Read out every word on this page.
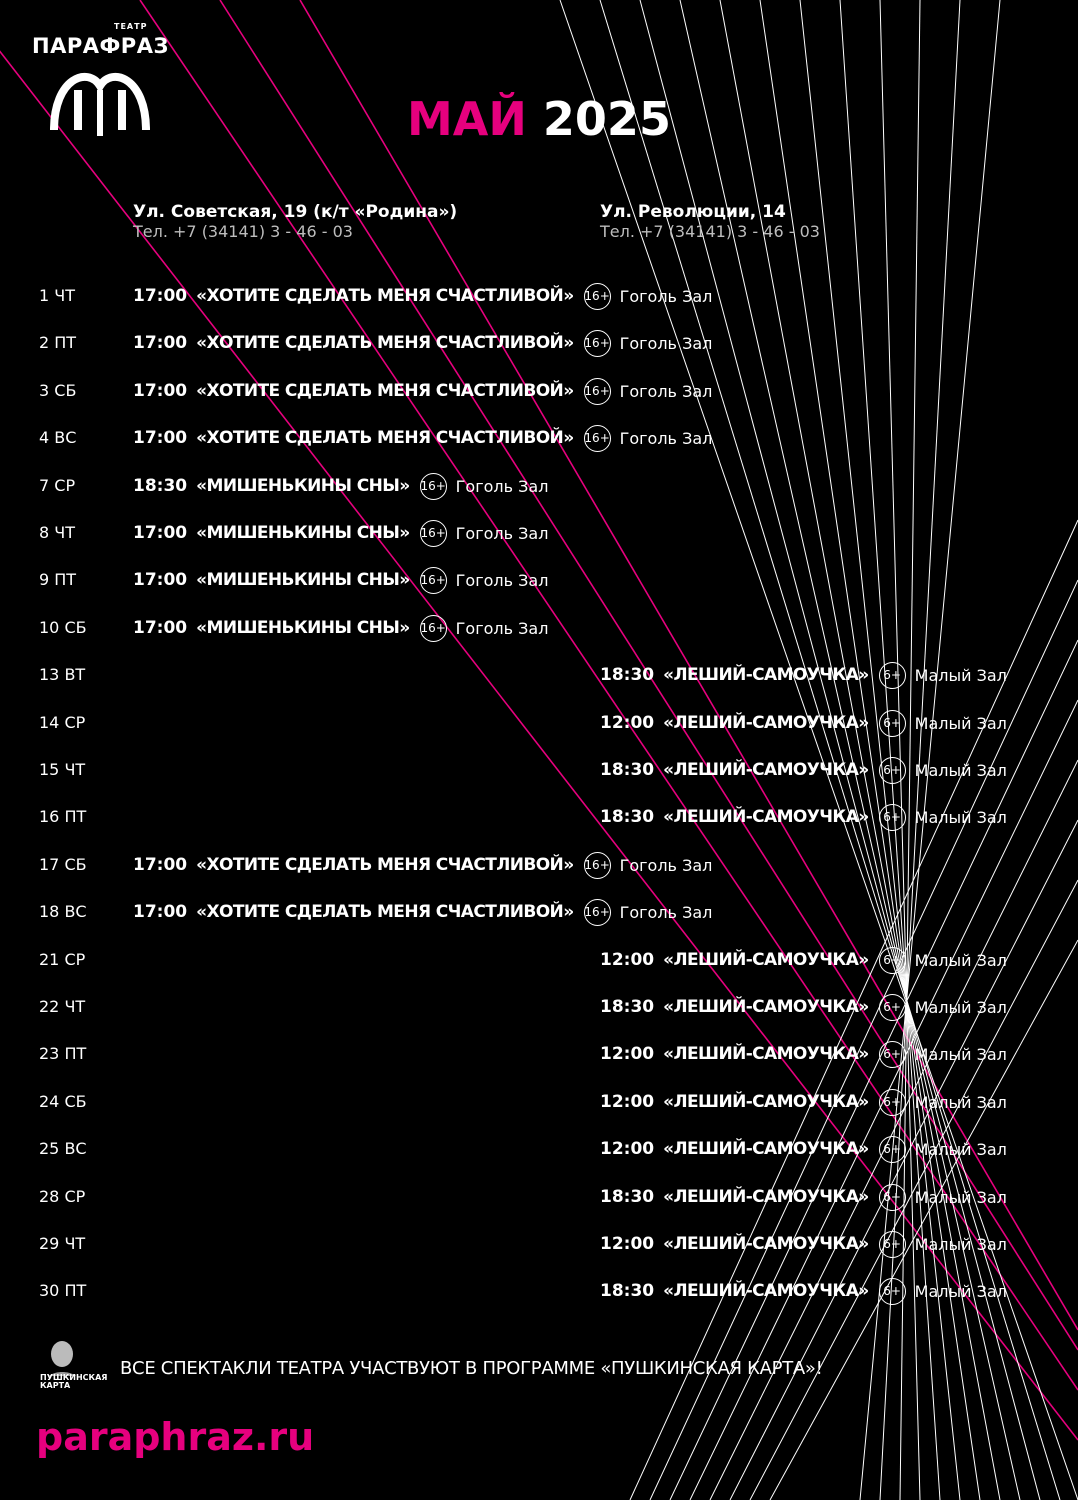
ТЕАТР
ПАРАФРАЗ
МАЙ 2025
Ул. Советская, 19 (к/т «Родина»)
Тел. +7 (34141) 3 - 46 - 03
Ул. Революции, 14
Тел. +7 (34141) 3 - 46 - 03
1 ЧТ	17:00 «ХОТИТЕ СДЕЛАТЬ МЕНЯ СЧАСТЛИВОЙ» 16+ Гоголь Зал
2 ПТ	17:00 «ХОТИТЕ СДЕЛАТЬ МЕНЯ СЧАСТЛИВОЙ» 16+ Гоголь Зал
3 СБ	17:00 «ХОТИТЕ СДЕЛАТЬ МЕНЯ СЧАСТЛИВОЙ» 16+ Гоголь Зал
4 ВС	17:00 «ХОТИТЕ СДЕЛАТЬ МЕНЯ СЧАСТЛИВОЙ» 16+ Гоголь Зал
7 СР	18:30 «МИШЕНЬКИНЫ СНЫ» 16+ Гоголь Зал
8 ЧТ	17:00 «МИШЕНЬКИНЫ СНЫ» 16+ Гоголь Зал
9 ПТ	17:00 «МИШЕНЬКИНЫ СНЫ» 16+ Гоголь Зал
10 СБ	17:00 «МИШЕНЬКИНЫ СНЫ» 16+ Гоголь Зал
13 ВТ	18:30 «ЛЕШИЙ-САМОУЧКА»	6+ Малый Зал
14 СР	12:00 «ЛЕШИЙ-САМОУЧКА»	6+ Малый Зал
15 ЧТ	18:30 «ЛЕШИЙ-САМОУЧКА»	6+ Малый Зал
16 ПТ	18:30 «ЛЕШИЙ-САМОУЧКА»	6+ Малый Зал
17 СБ	17:00 «ХОТИТЕ СДЕЛАТЬ МЕНЯ СЧАСТЛИВОЙ» 16+ Гоголь Зал
18 ВС	17:00 «ХОТИТЕ СДЕЛАТЬ МЕНЯ СЧАСТЛИВОЙ» 16+ Гоголь Зал
21 СР	12:00 «ЛЕШИЙ-САМОУЧКА»	6+ Малый Зал
22 ЧТ	18:30 «ЛЕШИЙ-САМОУЧКА»	6+ Малый Зал
23 ПТ	12:00 «ЛЕШИЙ-САМОУЧКА»	6+ Малый Зал
24 СБ	12:00 «ЛЕШИЙ-САМОУЧКА»	6+ Малый Зал
25 ВС	12:00 «ЛЕШИЙ-САМОУЧКА»	6+ Малый Зал
28 СР	18:30 «ЛЕШИЙ-САМОУЧКА»	6+ Малый Зал
29 ЧТ	12:00 «ЛЕШИЙ-САМОУЧКА»	6+ Малый Зал
30 ПТ	18:30 «ЛЕШИЙ-САМОУЧКА»	6+ Малый Зал
ПУШКИНСКАЯ КАРТА
ВСЕ СПЕКТАКЛИ ТЕАТРА УЧАСТВУЮТ В ПРОГРАММЕ «ПУШКИНСКАЯ КАРТА»!
paraphraz.ru
